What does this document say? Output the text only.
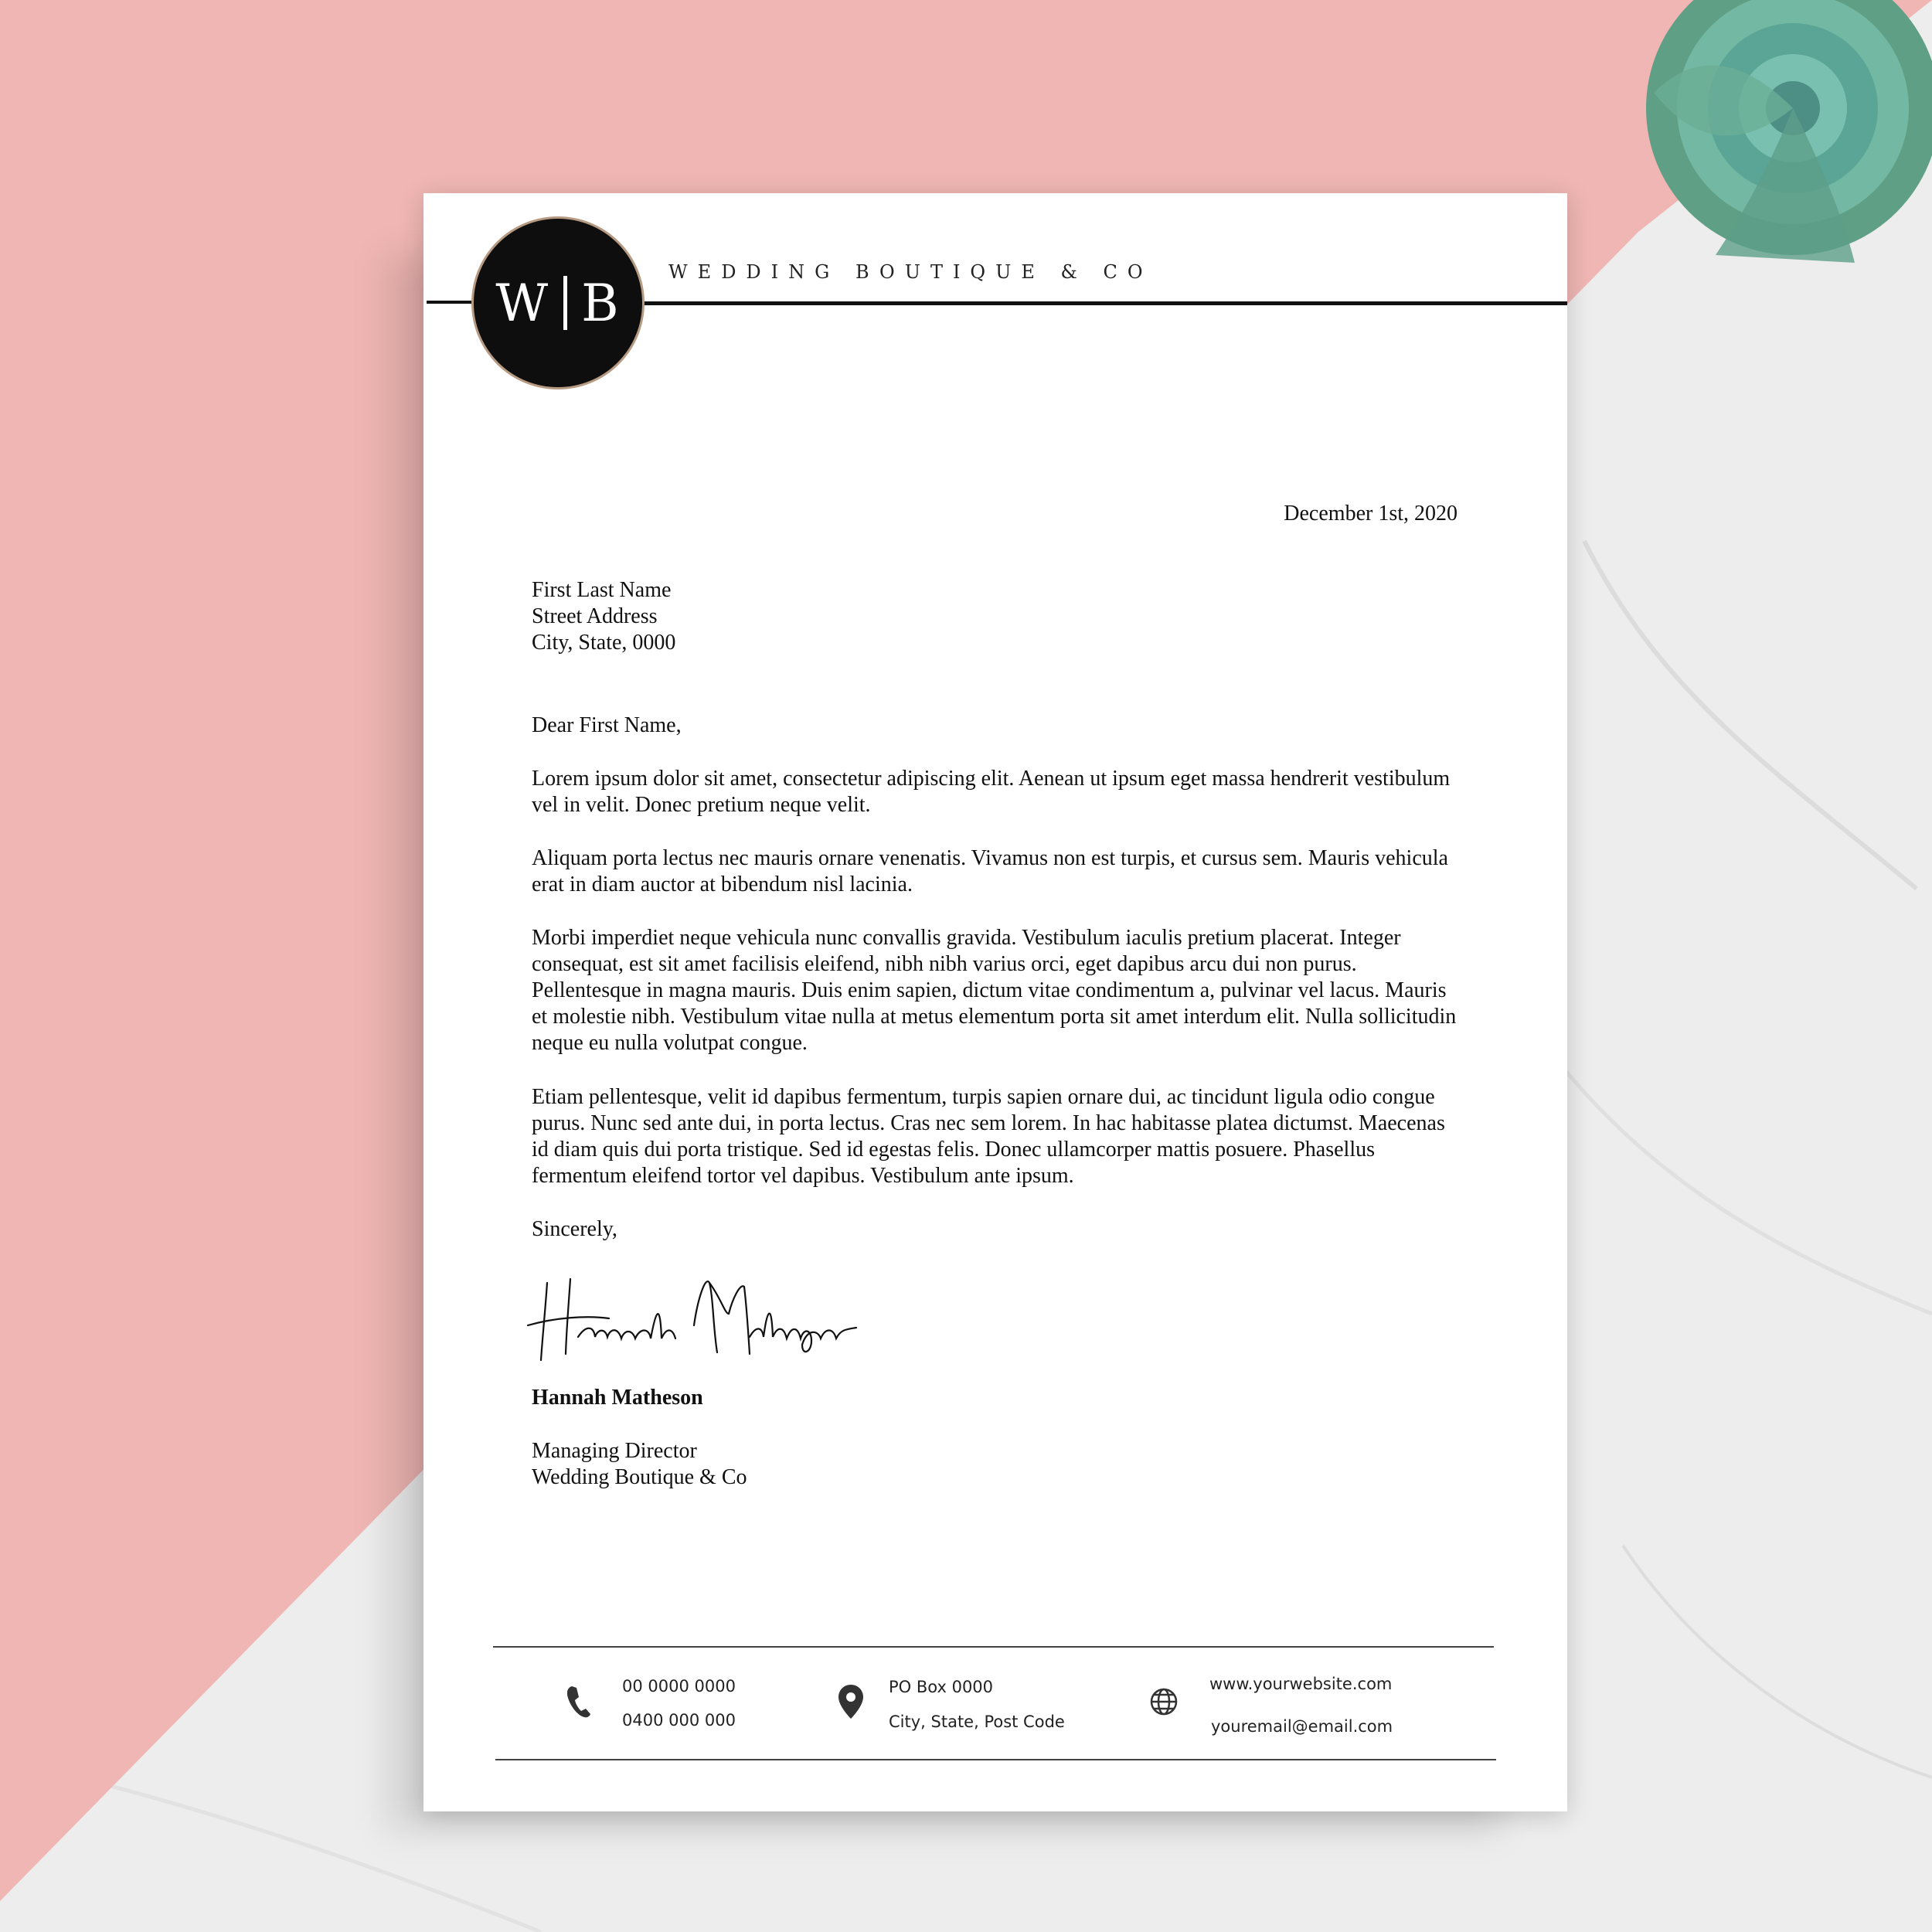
W B
WEDDING BOUTIQUE & CO
December 1st, 2020
First Last Name
Street Address
City, State, 0000
Dear First Name,
Lorem ipsum dolor sit amet, consectetur adipiscing elit. Aenean ut ipsum eget massa hendrerit vestibulum vel in velit. Donec pretium neque velit.
Aliquam porta lectus nec mauris ornare venenatis. Vivamus non est turpis, et cursus sem. Mauris vehicula erat in diam auctor at bibendum nisl lacinia.
Morbi imperdiet neque vehicula nunc convallis gravida. Vestibulum iaculis pretium placerat. Integer consequat, est sit amet facilisis eleifend, nibh nibh varius orci, eget dapibus arcu dui non purus. Pellentesque in magna mauris. Duis enim sapien, dictum vitae condimentum a, pulvinar vel lacus. Mauris et molestie nibh. Vestibulum vitae nulla at metus elementum porta sit amet interdum elit. Nulla sollicitudin neque eu nulla volutpat congue.
Etiam pellentesque, velit id dapibus fermentum, turpis sapien ornare dui, ac tincidunt ligula odio congue purus. Nunc sed ante dui, in porta lectus. Cras nec sem lorem. In hac habitasse platea dictumst. Maecenas id diam quis dui porta tristique. Sed id egestas felis. Donec ullamcorper mattis posuere. Phasellus fermentum eleifend tortor vel dapibus. Vestibulum ante ipsum.
Sincerely,
Hannah Matheson
Managing Director
Wedding Boutique & Co
00 0000 0000
0400 000 000
PO Box 0000
City, State, Post Code
www.yourwebsite.com
youremail@email.com
